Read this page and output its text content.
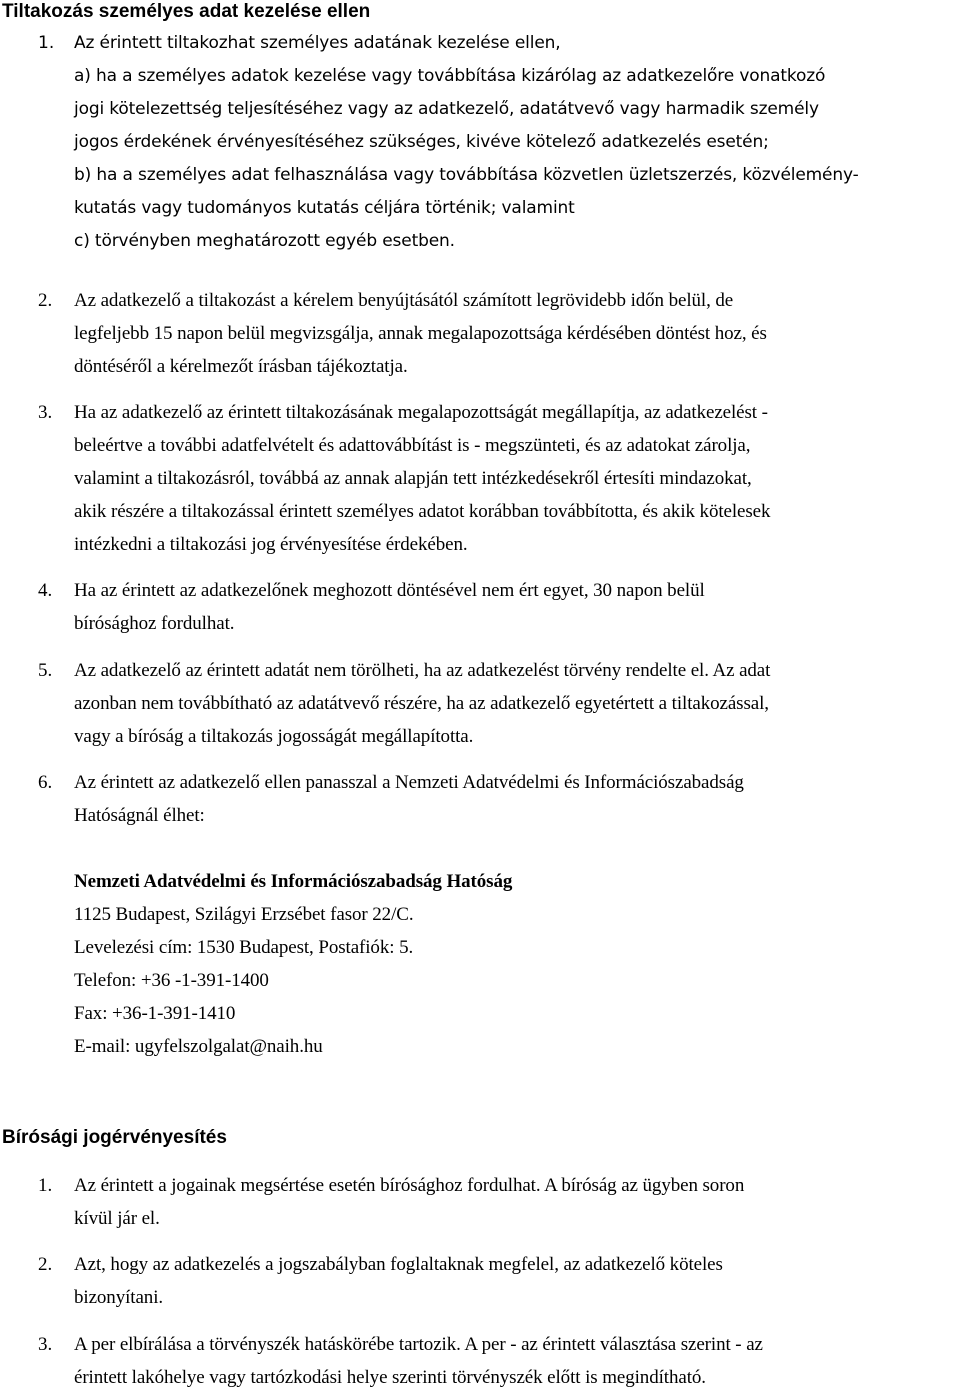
Tiltakozás személyes adat kezelése ellen
1. Az érintett tiltakozhat személyes adatának kezelése ellen,
a) ha a személyes adatok kezelése vagy továbbítása kizárólag az adatkezelőre vonatkozó
jogi kötelezettség teljesítéséhez vagy az adatkezelő, adatátvevő vagy harmadik személy
jogos érdekének érvényesítéséhez szükséges, kivéve kötelező adatkezelés esetén;
b) ha a személyes adat felhasználása vagy továbbítása közvetlen üzletszerzés, közvélemény-
kutatás vagy tudományos kutatás céljára történik; valamint
c) törvényben meghatározott egyéb esetben.
2. Az adatkezelő a tiltakozást a kérelem benyújtásától számított legrövidebb időn belül, de
legfeljebb 15 napon belül megvizsgálja, annak megalapozottsága kérdésében döntést hoz, és
döntéséről a kérelmezőt írásban tájékoztatja.
3. Ha az adatkezelő az érintett tiltakozásának megalapozottságát megállapítja, az adatkezelést -
beleértve a további adatfelvételt és adattovábbítást is - megszünteti, és az adatokat zárolja,
valamint a tiltakozásról, továbbá az annak alapján tett intézkedésekről értesíti mindazokat,
akik részére a tiltakozással érintett személyes adatot korábban továbbította, és akik kötelesek
intézkedni a tiltakozási jog érvényesítése érdekében.
4. Ha az érintett az adatkezelőnek meghozott döntésével nem ért egyet, 30 napon belül
bírósághoz fordulhat.
5. Az adatkezelő az érintett adatát nem törölheti, ha az adatkezelést törvény rendelte el. Az adat
azonban nem továbbítható az adatátvevő részére, ha az adatkezelő egyetértett a tiltakozással,
vagy a bíróság a tiltakozás jogosságát megállapította.
6. Az érintett az adatkezelő ellen panasszal a Nemzeti Adatvédelmi és Információszabadság
Hatóságnál élhet:
Nemzeti Adatvédelmi és Információszabadság Hatóság
1125 Budapest, Szilágyi Erzsébet fasor 22/C.
Levelezési cím: 1530 Budapest, Postafiók: 5.
Telefon: +36 -1-391-1400
Fax: +36-1-391-1410
E-mail: ugyfelszolgalat@naih.hu
Bírósági jogérvényesítés
1. Az érintett a jogainak megsértése esetén bírósághoz fordulhat. A bíróság az ügyben soron
kívül jár el.
2. Azt, hogy az adatkezelés a jogszabályban foglaltaknak megfelel, az adatkezelő köteles
bizonyítani.
3. A per elbírálása a törvényszék hatáskörébe tartozik. A per - az érintett választása szerint - az
érintett lakóhelye vagy tartózkodási helye szerinti törvényszék előtt is megindítható.
